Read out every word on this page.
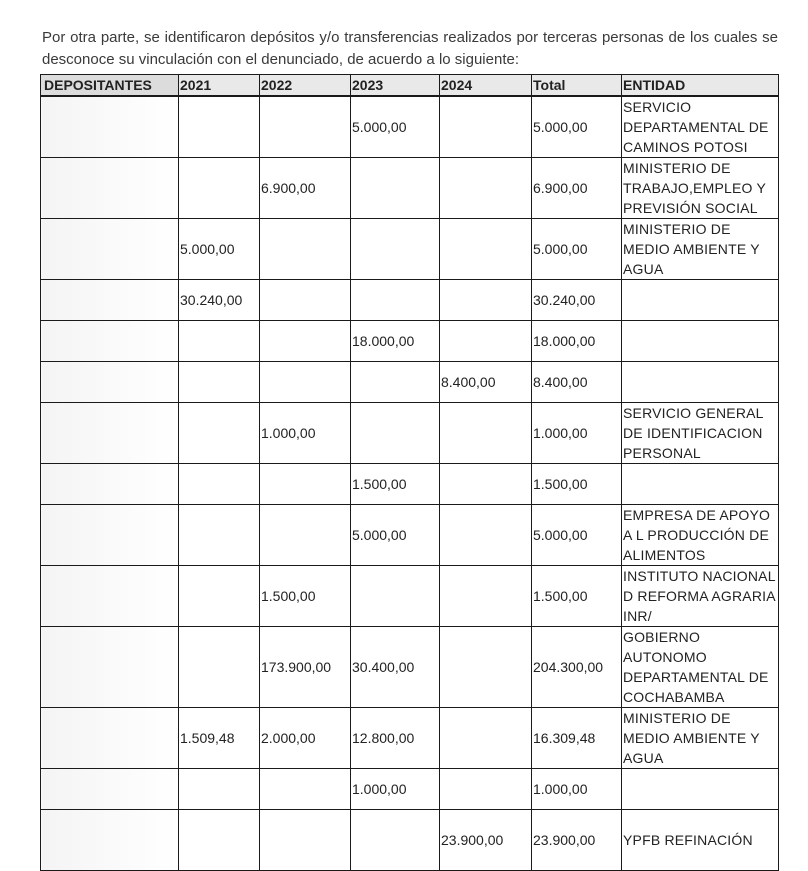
Por otra parte, se identificaron depósitos y/o transferencias realizados por terceras personas de los cuales se desconoce su vinculación con el denunciado, de acuerdo a lo siguiente:

DEPOSITANTES	2021	2022	2023	2024	Total	ENTIDAD
			5.000,00		5.000,00	SERVICIO DEPARTAMENTAL DE CAMINOS POTOSI
		6.900,00			6.900,00	MINISTERIO DE TRABAJO,EMPLEO Y PREVISIÓN SOCIAL
	5.000,00				5.000,00	MINISTERIO DE MEDIO AMBIENTE Y AGUA
	30.240,00				30.240,00	
			18.000,00		18.000,00	
				8.400,00	8.400,00	
		1.000,00			1.000,00	SERVICIO GENERAL DE IDENTIFICACION PERSONAL
			1.500,00		1.500,00	
			5.000,00		5.000,00	EMPRESA DE APOYO A L PRODUCCIÓN DE ALIMENTOS
		1.500,00			1.500,00	INSTITUTO NACIONAL D REFORMA AGRARIA INR/
		173.900,00	30.400,00		204.300,00	GOBIERNO AUTONOMO DEPARTAMENTAL DE COCHABAMBA
	1.509,48	2.000,00	12.800,00		16.309,48	MINISTERIO DE MEDIO AMBIENTE Y AGUA
			1.000,00		1.000,00	
				23.900,00	23.900,00	YPFB REFINACIÓN
